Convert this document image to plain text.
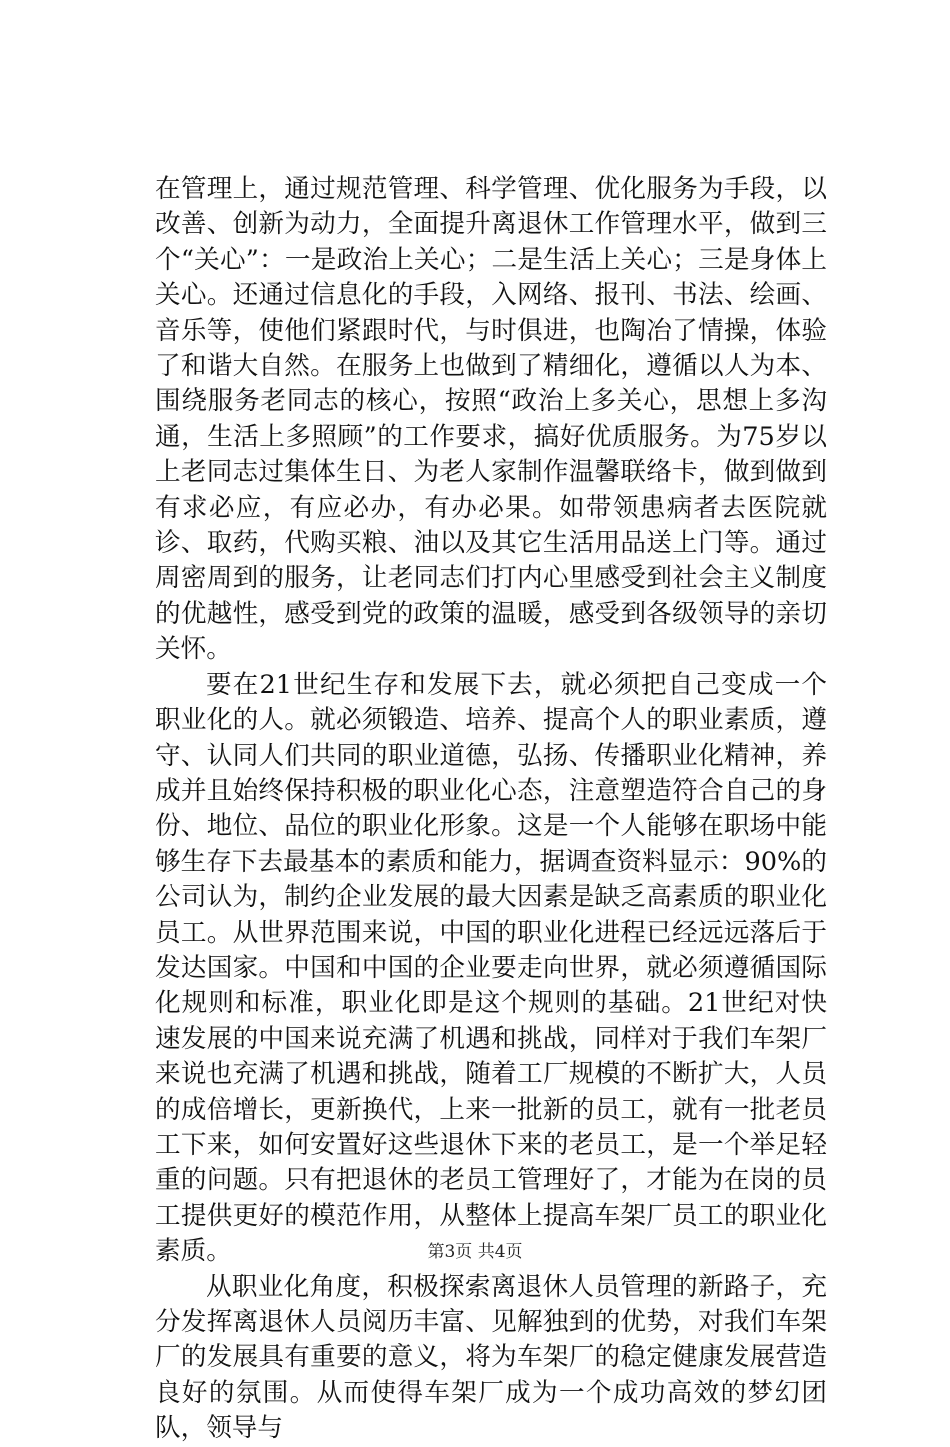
在管理上，通过规范管理、科学管理、优化服务为手段，以改善、创新为动力，全面提升离退休工作管理水平，做到三个“关心”：一是政治上关心；二是生活上关心；三是身体上关心。还通过信息化的手段，入网络、报刊、书法、绘画、音乐等，使他们紧跟时代，与时俱进，也陶冶了情操，体验了和谐大自然。在服务上也做到了精细化，遵循以人为本、围绕服务老同志的核心，按照“政治上多关心，思想上多沟通，生活上多照顾”的工作要求，搞好优质服务。为75岁以上老同志过集体生日、为老人家制作温馨联络卡，做到做到有求必应，有应必办，有办必果。如带领患病者去医院就诊、取药，代购买粮、油以及其它生活用品送上门等。通过周密周到的服务，让老同志们打内心里感受到社会主义制度的优越性，感受到党的政策的温暖，感受到各级领导的亲切关怀。

要在21世纪生存和发展下去，就必须把自己变成一个职业化的人。就必须锻造、培养、提高个人的职业素质，遵守、认同人们共同的职业道德，弘扬、传播职业化精神，养成并且始终保持积极的职业化心态，注意塑造符合自己的身份、地位、品位的职业化形象。这是一个人能够在职场中能够生存下去最基本的素质和能力，据调查资料显示：90%的公司认为，制约企业发展的最大因素是缺乏高素质的职业化员工。从世界范围来说，中国的职业化进程已经远远落后于发达国家。中国和中国的企业要走向世界，就必须遵循国际化规则和标准，职业化即是这个规则的基础。21世纪对快速发展的中国来说充满了机遇和挑战，同样对于我们车架厂来说也充满了机遇和挑战，随着工厂规模的不断扩大，人员的成倍增长，更新换代，上来一批新的员工，就有一批老员工下来，如何安置好这些退休下来的老员工，是一个举足轻重的问题。只有把退休的老员工管理好了，才能为在岗的员工提供更好的模范作用，从整体上提高车架厂员工的职业化素质。

从职业化角度，积极探索离退休人员管理的新路子，充分发挥离退休人员阅历丰富、见解独到的优势，对我们车架厂的发展具有重要的意义，将为车架厂的稳定健康发展营造良好的氛围。从而使得车架厂成为一个成功高效的梦幻团队，领导与

第3页 共4页
